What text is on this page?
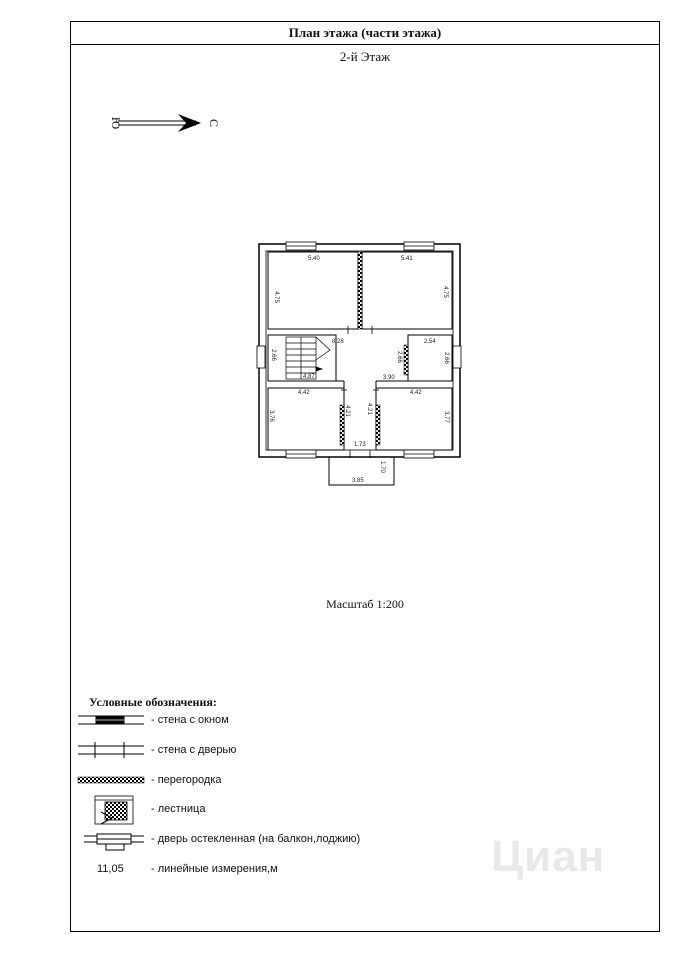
План этажа (части этажа)
2-й Этаж
Масштаб 1:200
Условные обозначения:
- стена с окном
- стена с дверью
- перегородка
- лестница
- дверь остекленная (на балкон,лоджию)
11,05 - линейные измерения,м	Циан
Ю	С
5.40	5.41
4.75	4.75
8.28
2.66
4.87
2.54
2.66	2.66
3.90
4.42	4.42
3.76	3.77
4.21	4.21
1.73
3.85
1.70
